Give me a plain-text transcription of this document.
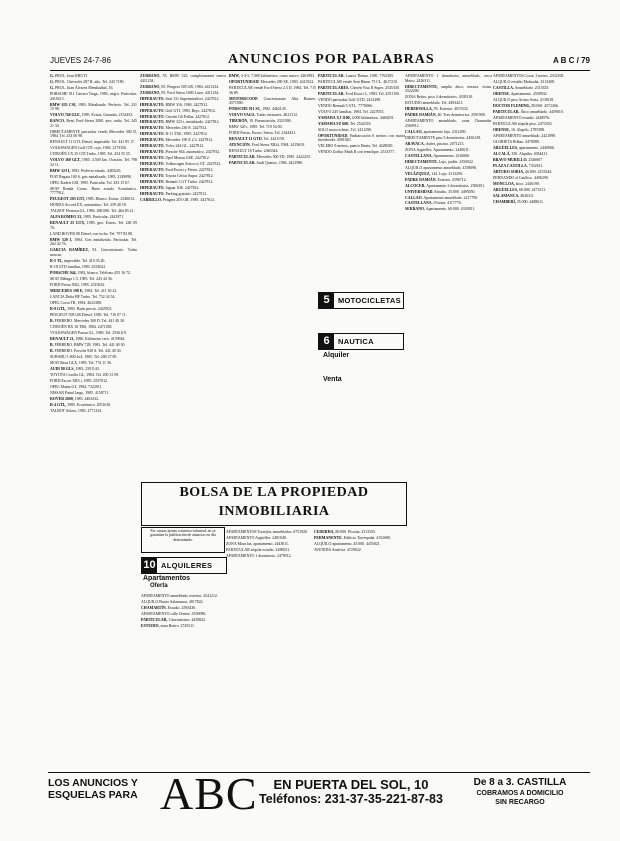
JUEVES 24-7-86	ANUNCIOS POR PALABRAS	A B C / 79

G. PROL. Jean 8/BUTI

G. PROL. Chevrolet 287 R. año. Tel. 243 7180.

G. PROL. Juan Álvarez Mendizábal, 16.

PORSCHE 911 Carrera Targa, 1983, negro. Particular. 4419213.

BMW 635 CSI, 1983. Metalizado. Perfecto. Tel. 231 15 98.

VOLVO 740 GLE, 1985. Extras. Garantía. 2154433.

BANCO. Rent. Ford Sierra 2000, aire, radio. Tel. 245 21 34.

DIRECTAMENTE particular vendo Mercedes 300 D, 1984. Tel. 433 00 98.

RENAULT 11 GTL Diesel, impecable. Tel. 441 85 17.

VOLKSWAGEN Golf GTI, rojo, 1984. 2173356.

CITROËN CX 25 GTI Turbo, 1985. Tel. 254 55 55.

VOLVO 360 GLT, 1985. 4.500 km. Ocasión. Tel. 798 32 11.

BMW 323 I, 1983. Perfecto estado. 4483245.

FIAT Regata 100 S, gris metalizado, 1985. 2149090.

OPEL Kadett GSI, 1985. Particular. Tel. 433 15 67.

SEAT Ronda Crono. Buen estado. Económico. 7777912.

PEUGEOT 205 GTI, 1985. Blanco. Extras. 2540012.

HONDA Accord EX, automático. Tel. 259 40 18.

TALBOT Horizon GL, 1984. 280.000. Tel. 464 83 21.

ALFA ROMEO 33, 1985. Particular. 2441871.

RENAULT 25 GTX, 1985, gris. Extras. Tel. 248 09 76.

LAND ROVER 88 Diesel, con techo. Tel. 797 83 88.

BMW 520 I, 1984. Gris metalizado. Particular. Tel. 262 42 76.

GARCIA RAMÍREZ, 92. Concesionario. Todas marcas.

R-5 TL, impecable. Tel. 410 35 20.

R-18 GTD familiar, 1983. 2533022.

PORSCHE 944, 1983, blanco. Teléfono 455 16 72.

SEAT Málaga 1.5, 1985. Tel. 243 44 36.

FORD Fiesta XR2, 1985. 2315632.

MERCEDES 190 E, 1984. Tel. 411 30 22.

LANCIA Delta HF Turbo. Tel. 732 34 54.

OPEL Corsa TR, 1984. 4623388.

R-9 GTL, 1983. Buen precio. 2445501.

PEUGEOT 505 GR Diesel, 1983. Tel. 716 07 11.

B. FERRERO. Mercedes 300 D. Tel. 441 40 30.

CITROËN BX 16 TRS, 1984. 2471188.

VOLKSWAGEN Passat GL, 1983. Tel. 2556110.

RENAULT 21, 1986. Kilómetro cero. 4159944.

B. FERRERO. BMW 728, 1983. Tel. 441 40 30.

B. FERRERO. Porsche 928 S. Tel. 441 40 30.

SUBARU 1.800 4x4, 1985. Tel. 200 27 85.

SEAT Ibiza GLX, 1985. Tel. 774 11 36.

AUDI 80 GLS, 1983. 2591143.

TOYOTA Corolla GL, 1984. Tel. 450 31 09.

FORD Escort XR3 i, 1985. 2537812.

OPEL Manta GT, 1984. 7322011.

NISSAN Patrol largo, 1985. 4158711.

ROVER 2600, 1983. 4463332.

R-4 GTL, 1985. Económico. 2051616.

TALBOT Solara, 1983. 4771234.

ZURBANO, 95. BMW 525, completamente nuevo. 4411234.

ZURBANO, 95. Peugeot 505 GR, 1984. 4411234.

ZURBANO, 95. Ford Sierra 1600 Laser. 4411234.

HIPERAUTO. Seat 131 Supermirafiori. 2427812.

HIPERAUTO. BMW 316, 1984. 2427812.

HIPERAUTO. Golf GTI, 1983. Rojo. 2427812.

HIPERAUTO. Citroën GS Pallas. 2427812.

HIPERAUTO. BMW 323 i, metalizado. 2427812.

HIPERAUTO. Mercedes 230 E. 2427812.

HIPERAUTO. R-11 TXE, 1985. 2427812.

HIPERAUTO. Mercedes 190 E 2.3. 2427812.

HIPERAUTO. Volvo 244 GL. 2427812.

HIPERAUTO. Porsche 944, automático. 2427812.

HIPERAUTO. Opel Monza GSE. 2427812.

HIPERAUTO. Volkswagen Scirocco GT. 2427812.

HIPERAUTO. Ford Escort y Fiesta. 2427812.

HIPERAUTO. Toyota Celica Supra. 2427812.

HIPERAUTO. Renault 5 GT Turbo. 2427812.

HIPERAUTO. Jaguar XJ6. 2427812.

HIPERAUTO. Parking gratuito. 2427812.

CARRILLO. Peugeot 205 GR, 1985. 4437612.

BMW, 3-4-5, 7.000 kilómetros, como nuevo. 4461983.

OPORTUNIDAD! Mercedes 280 SE, 1983. 4415522.

PARTICULAR vende Ford Sierra 2.3 D, 1984. Tel. 715 36 89.

MOTORSCOOP. Concesionario Alfa Romeo. 4571900.

PORSCHE 911 SC, 1982. 4462145.

VOLVO VAGA. Todas versiones. 4021312.

TIBURÓN, 19. Financiación. 2321900.

BMW 320 i, 1985. Tel. 719 54 00.

FORD Fiesta, Escort, Sierra. Tel. 2344431.

RENAULT 11 GTD. Tel. 2441150.

ATENCIÓN. Ford Sierra XR4i, 1984. 2415610.

RENAULT 18 Turbo. 2463344.

PARTICULAR. Mercedes 300 TD, 1985. 2422233.

PARTICULAR. Audi Quattro, 1984. 4421980.

PARTICULAR. Lancia Thema, 1985. 7762385.

PARTICULAR vende Seat Ritmo 75 CL. 4617210.

PARTICULARES. Citroën Visa II Super. 2545330.

PARTICULAR. Ford Escort L, 1983. Tel. 4551190.

VENDO particular Golf GTD. 2412288.

VENDO Renault 5 GTL. 7770066.

VOLVO 245 familiar, 1984. Tel. 2427055.

YAMAHA XJ 1100, 4.000 kilómetros. 4460291.

YAMAHA FZ 600. Tel. 2542318.

SOLO motocicletas. Tel. 2411290.

OPORTUNIDAD. Embarcación 6 metros con motor fueraborda. 4581920.

VELERO 9 metros, puerto Denia. Tel. 4428030.

VENDO Zodiac Mark II con remolque. 2313377.

5	MOTOCICLETAS
6	NAUTICA
Alquiler
Venta
BOLSA DE LA PROPIEDAD
INMOBILIARIA
Por causas ajenas a nuestra voluntad, no se garantiza la publicación de anuncios en día determinado.
10 ALQUILERES
Apartamentos
Oferta

APARTAMENTO amueblado, exterior. 2541212.

ALQUILO Barrio Salamanca. 4017822.

CHAMARTÍN. Estudio. 2593430.

APARTAMENTO calle Orense. 4550090.

PARTICULAR, 3 dormitorios. 4458822.

ESTUDIO, zona Retiro. 2745511.

APARTAMENTOS Torrejón, amueblados. 6751920.

APARTAMENTO Argüelles. 2481040.

ZONA Moncloa, apartamento. 2443011.

PARTICULAR alquila estudio. 4480021.

APARTAMENTO 1 dormitorio. 2479912.

CEDERHA, 80.000. Piscina. 2313355.

PERMANENTE. Edificio Torrespaña. 4152680.

ALQUILO apartamento, 45.000. 4455021.

AVENIDA América. 4159022.

APARTAMENTO 1 dormitorio, amueblado, cerca Metro. 2426311.

DIRECTAMENTE, amplio ático, terraza, vistas. 2522200.

ZONA Retiro, piso 4 dormitorios. 4339110.

ESTUDIO amueblado. Tel. 4493421.

HERMOSILLA, 95. Exterior. 4015532.

PADRE DAMIÁN, 40. Tres dormitorios. 2591900.

APARTAMENTO amueblado, zona Chamartín. 2560912.

CALLAO, apartamento lujo. 2312290.

DIRECTAMENTE piso 5 dormitorios. 4456128.

ARAVACA, chalet, piscina. 2071213.

ZONA Argüelles. Apartamento. 2440011.

CASTELLANA. Apartamento. 4116060.

DIRECTAMENTE. Lujo, jardín. 2350022.

ALQUILO apartamento amueblado. 4158090.

VELÁZQUEZ, 144. Lujo. 4113290.

PADRE DAMIÁN. Exterior. 2596712.

ALCOCER. Apartamento 2 dormitorios. 2506301.

UNIVERSIDAD. Estudio, 35.000. 4495050.

CALLAO. Apartamento amueblado. 2217790.

CASTELLANA. Oficina. 4117776.

SERRANO. Apartamento, 60.000. 4318821.

APARTAMENTOS Costa. 3 meses. 2332100.

ALQUILO estudio Malasaña. 2313408.

CASTILLA. Amueblado. 2313355.

ORENSE. Apartamento. 4558932.

ALQUILO piso Arturo Soria. 4138181.

DOCTOR FLEMING, 80.000. 4572266.

PARTICULAR. Ático amueblado. 4459010.

APARTAMENTO estudio. 2448976.

PARTICULAR alquila piso. 2473310.

ORENSE, 16. Alquilo. 2795588.

APARTAMENTO amueblado. 2421890.

GLORIETA Bilbao. 4470880.

ARGÜELLES, apartamento. 2440066.

ALCALÁ, 350. Alquiler. 4034411.

BRAVO MURILLO. 2546607.

PLAZA CASTILLA. 7332611.

ARTURO SORIA, 40.000. 4153344.

FERNANDO el Católico. 4496290.

MONCLOA, ático. 2446190.

ARGÜELLES, 60.000. 2473311.

SALAMANCA. 4026311.

CHAMBERÍ, 35.000. 4488611.

LOS ANUNCIOS Y
ESQUELAS PARA ABC	EN PUERTA DEL SOL, 10
Teléfonos: 231-37-35-221-87-83
De 8 a 3. CASTILLA
COBRAMOS A DOMICILIO
SIN RECARGO
